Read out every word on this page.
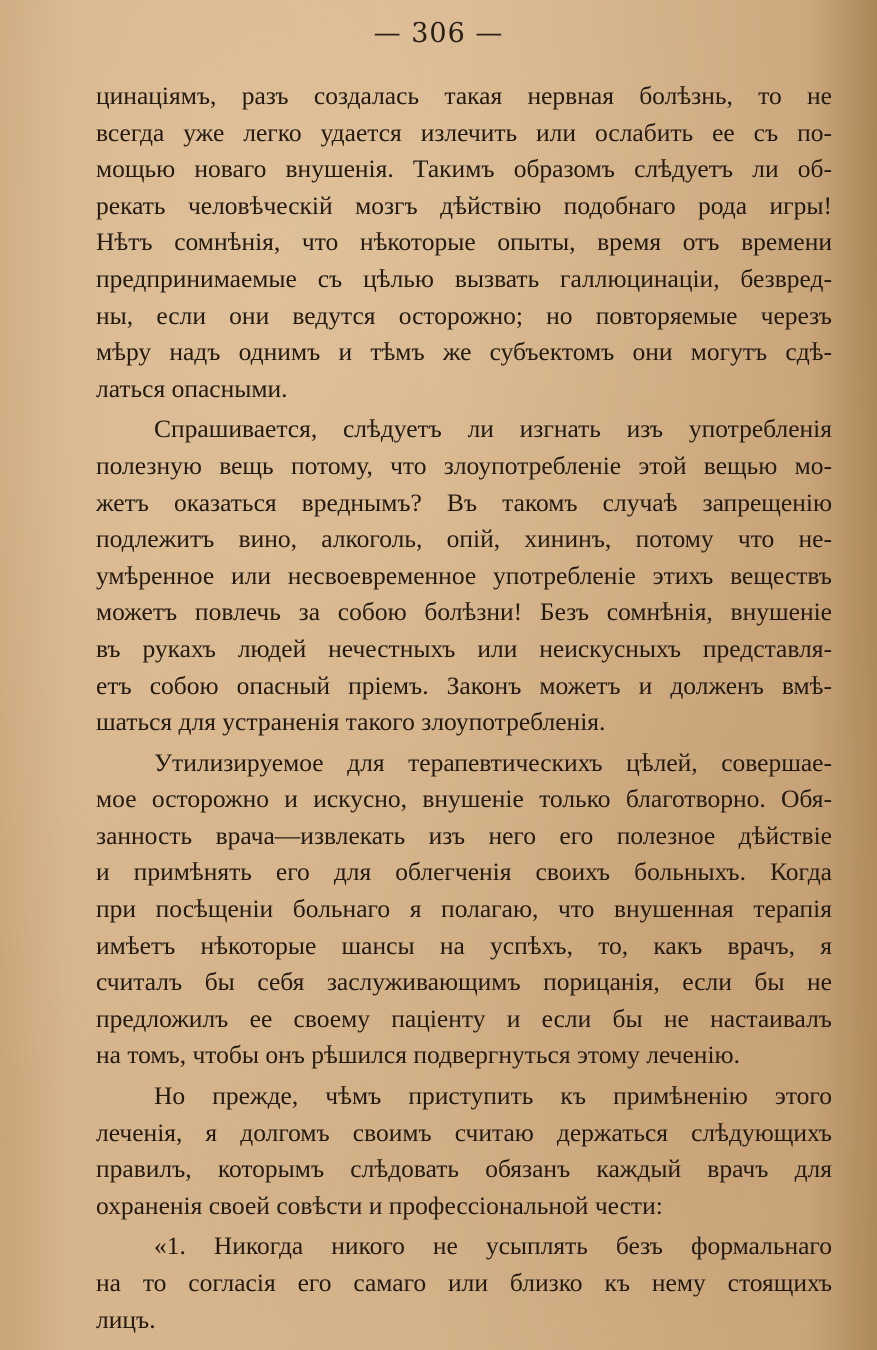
— 306 —
цинаціямъ, разъ создалась такая нервная болѣзнь, то не
всегда уже легко удается излечить или ослабить ее съ по-
мощью новаго внушенія. Такимъ образомъ слѣдуетъ ли об-
рекать человѣческій мозгъ дѣйствію подобнаго рода игры!
Нѣтъ сомнѣнія, что нѣкоторые опыты, время отъ времени
предпринимаемые съ цѣлью вызвать галлюцинаціи, безвред-
ны, если они ведутся осторожно; но повторяемые черезъ
мѣру надъ однимъ и тѣмъ же субъектомъ они могутъ сдѣ-
латься опасными.
Спрашивается, слѣдуетъ ли изгнать изъ употребленія
полезную вещь потому, что злоупотребленіе этой вещью мо-
жетъ оказаться вреднымъ? Въ такомъ случаѣ запрещенію
подлежитъ вино, алкоголь, опій, хининъ, потому что не-
умѣренное или несвоевременное употребленіе этихъ веществъ
можетъ повлечь за собою болѣзни! Безъ сомнѣнія, внушеніе
въ рукахъ людей нечестныхъ или неискусныхъ представля-
етъ собою опасный пріемъ. Законъ можетъ и долженъ вмѣ-
шаться для устраненія такого злоупотребленія.
Утилизируемое для терапевтическихъ цѣлей, совершае-
мое осторожно и искусно, внушеніе только благотворно. Обя-
занность врача—извлекать изъ него его полезное дѣйствіе
и примѣнять его для облегченія своихъ больныхъ. Когда
при посѣщеніи больнаго я полагаю, что внушенная терапія
имѣетъ нѣкоторые шансы на успѣхъ, то, какъ врачъ, я
считалъ бы себя заслуживающимъ порицанія, если бы не
предложилъ ее своему паціенту и если бы не настаивалъ
на томъ, чтобы онъ рѣшился подвергнуться этому леченію.
Но прежде, чѣмъ приступить къ примѣненію этого
леченія, я долгомъ своимъ считаю держаться слѣдующихъ
правилъ, которымъ слѣдовать обязанъ каждый врачъ для
охраненія своей совѣсти и профессіональной чести:
«1. Никогда никого не усыплять безъ формальнаго
на то согласія его самаго или близко къ нему стоящихъ
лицъ.
